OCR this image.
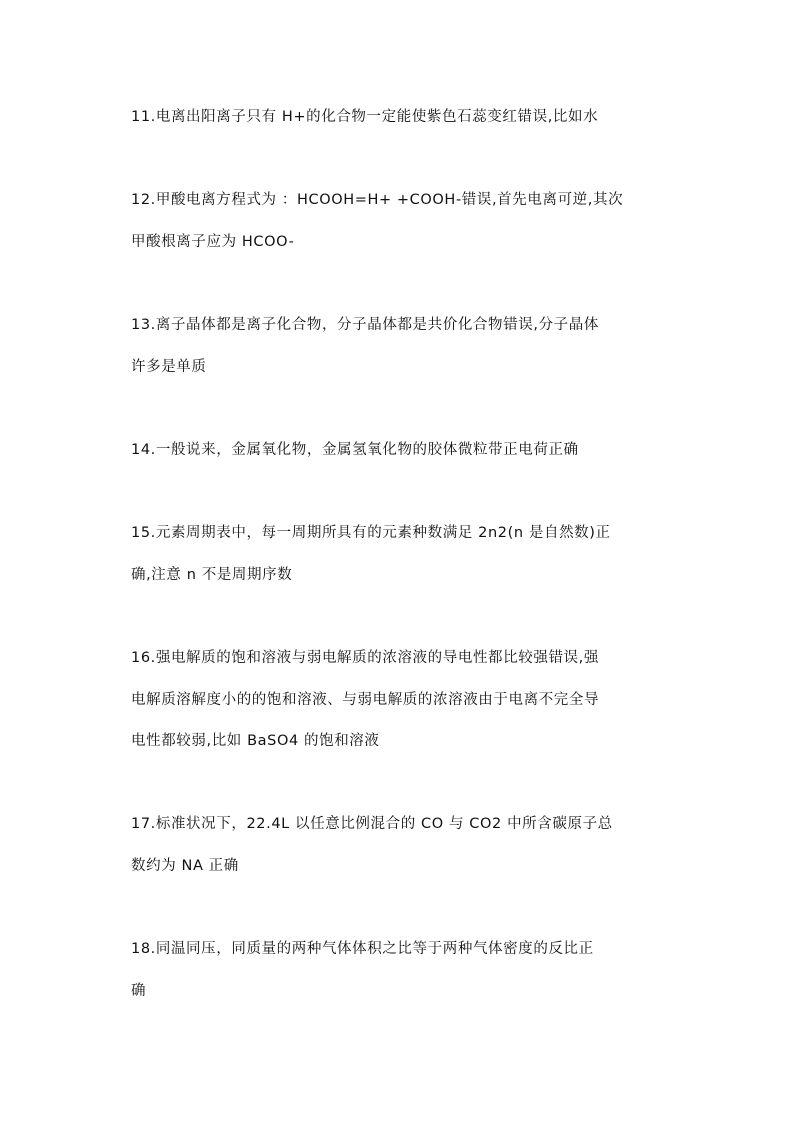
11.电离出阳离子只有 H+的化合物一定能使紫色石蕊变红错误,比如水
12.甲酸电离方程式为 ：HCOOH=H+ +COOH-错误,首先电离可逆,其次
甲酸根离子应为 HCOO-
13.离子晶体都是离子化合物，分子晶体都是共价化合物错误,分子晶体
许多是单质
14.一般说来，金属氧化物，金属氢氧化物的胶体微粒带正电荷正确
15.元素周期表中，每一周期所具有的元素种数满足 2n2(n 是自然数)正
确,注意 n 不是周期序数
16.强电解质的饱和溶液与弱电解质的浓溶液的导电性都比较强错误,强
电解质溶解度小的的饱和溶液、与弱电解质的浓溶液由于电离不完全导
电性都较弱,比如 BaSO4 的饱和溶液
17.标准状况下，22.4L 以任意比例混合的 CO 与 CO2 中所含碳原子总
数约为 NA 正确
18.同温同压，同质量的两种气体体积之比等于两种气体密度的反比正
确
